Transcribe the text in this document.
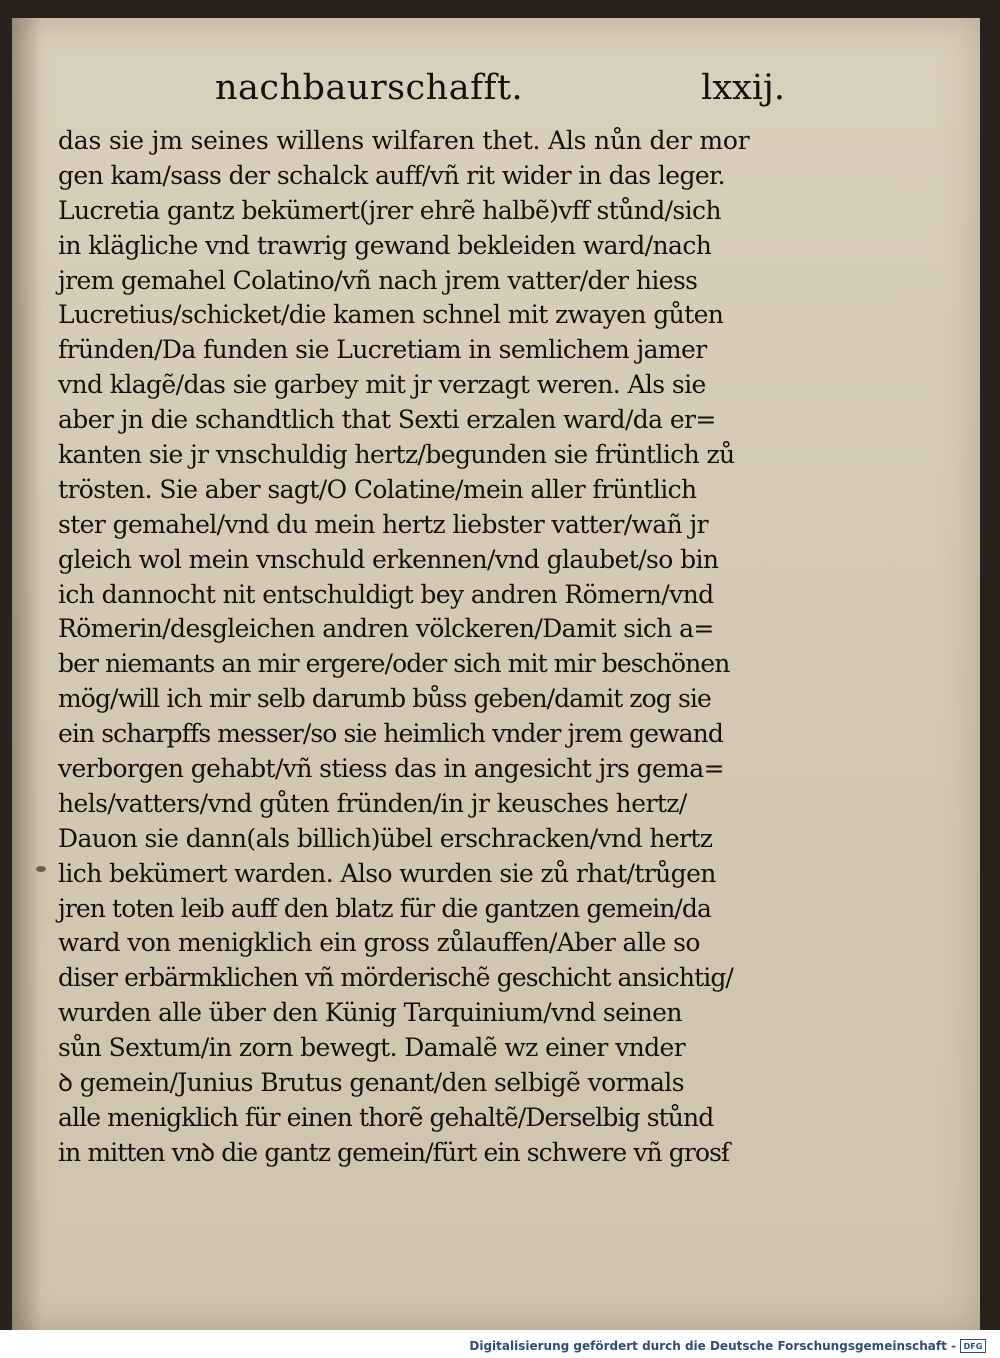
nachbaurschafft.	lxxij.
das sie jm seines willens wilfaren thet. Als nůn der mor
gen kam/sass der schalck auff/vñ rit wider in das leger.
Lucretia gantz bekümert(jrer ehrẽ halbẽ)vff stůnd/sich
in klägliche vnd trawrig gewand bekleiden ward/nach
jrem gemahel Colatino/vñ nach jrem vatter/der hiess
Lucretius/schicket/die kamen schnel mit zwayen gůten
fründen/Da funden sie Lucretiam in semlichem jamer
vnd klagẽ/das sie garbey mit jr verzagt weren. Als sie
aber jn die schandtlich that Sexti erzalen ward/da er=
kanten sie jr vnschuldig hertz/begunden sie früntlich zů
trösten. Sie aber sagt/O Colatine/mein aller früntlich
ster gemahel/vnd du mein hertz liebster vatter/wañ jr
gleich wol mein vnschuld erkennen/vnd glaubet/so bin
ich dannocht nit entschuldigt bey andren Römern/vnd
Römerin/desgleichen andren völckeren/Damit sich a=
ber niemants an mir ergere/oder sich mit mir beschönen
mög/will ich mir selb darumb bůss geben/damit zog sie
ein scharpffs messer/so sie heimlich vnder jrem gewand
verborgen gehabt/vñ stiess das in angesicht jrs gema=
hels/vatters/vnd gůten fründen/in jr keusches hertz/
Dauon sie dann(als billich)übel erschracken/vnd hertz
lich bekümert warden. Also wurden sie zů rhat/trůgen
jren toten leib auff den blatz für die gantzen gemein/da
ward von menigklich ein gross zůlauffen/Aber alle so
diser erbärmklichen vñ mörderischẽ geschicht ansichtig/
wurden alle über den Künig Tarquinium/vnd seinen
sůn Sextum/in zorn bewegt. Damalẽ wz einer vnder
ꝺ gemein/Junius Brutus genant/den selbigẽ vormals
alle menigklich für einen thorẽ gehaltẽ/Derselbig stůnd
in mitten vnꝺ die gantz gemein/fürt ein schwere vñ grosẜ
Digitalisierung gefördert durch die Deutsche Forschungsgemeinschaft - DFG
